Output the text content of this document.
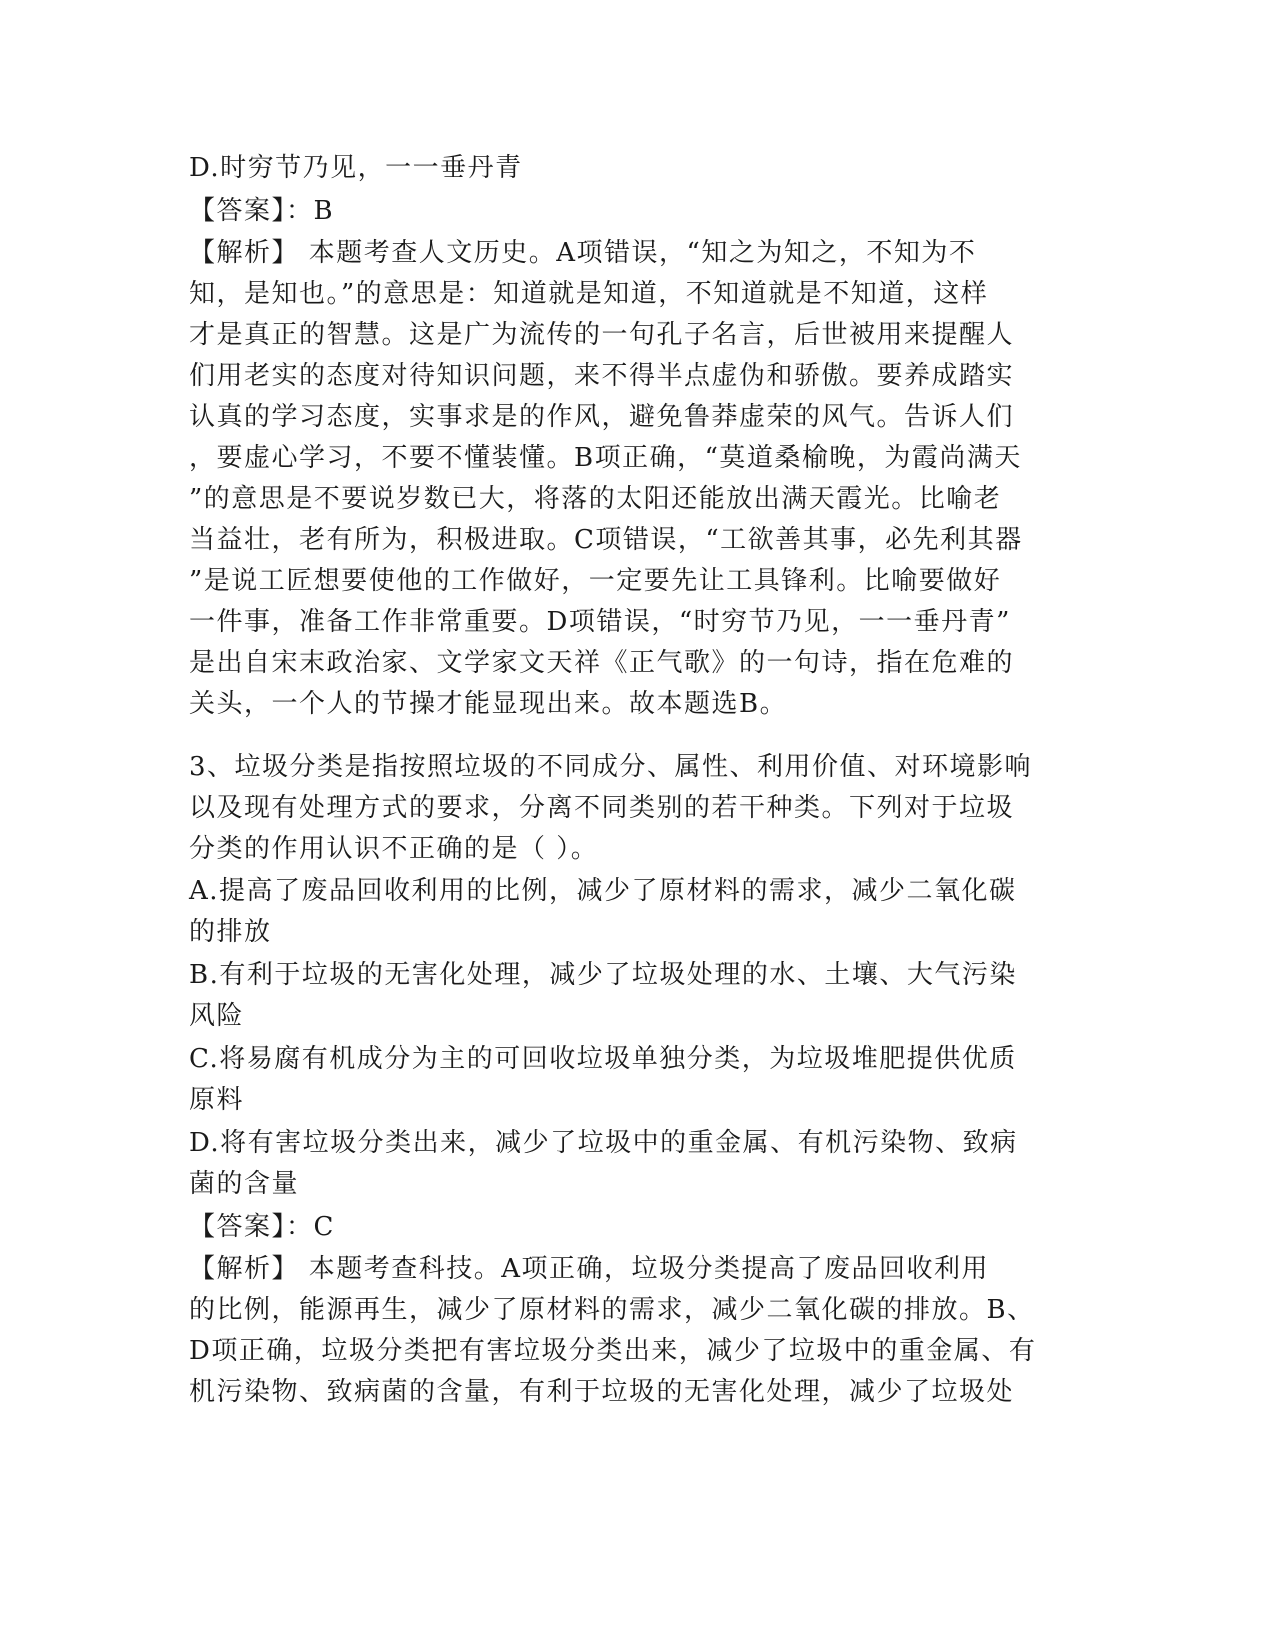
D.时穷节乃见，一一垂丹青
【答案】：B
【解析】 本题考查人文历史。A项错误，“知之为知之，不知为不
知，是知也。”的意思是：知道就是知道，不知道就是不知道，这样
才是真正的智慧。这是广为流传的一句孔子名言，后世被用来提醒人
们用老实的态度对待知识问题，来不得半点虚伪和骄傲。要养成踏实
认真的学习态度，实事求是的作风，避免鲁莽虚荣的风气。告诉人们
，要虚心学习，不要不懂装懂。B项正确，“莫道桑榆晚，为霞尚满天
”的意思是不要说岁数已大，将落的太阳还能放出满天霞光。比喻老
当益壮，老有所为，积极进取。C项错误，“工欲善其事，必先利其器
”是说工匠想要使他的工作做好，一定要先让工具锋利。比喻要做好
一件事，准备工作非常重要。D项错误，“时穷节乃见，一一垂丹青”
是出自宋末政治家、文学家文天祥《正气歌》的一句诗，指在危难的
关头，一个人的节操才能显现出来。故本题选B。
3、垃圾分类是指按照垃圾的不同成分、属性、利用价值、对环境影响
以及现有处理方式的要求，分离不同类别的若干种类。下列对于垃圾
分类的作用认识不正确的是（ ）。
A.提高了废品回收利用的比例，减少了原材料的需求，减少二氧化碳
的排放
B.有利于垃圾的无害化处理，减少了垃圾处理的水、土壤、大气污染
风险
C.将易腐有机成分为主的可回收垃圾单独分类，为垃圾堆肥提供优质
原料
D.将有害垃圾分类出来，减少了垃圾中的重金属、有机污染物、致病
菌的含量
【答案】：C
【解析】 本题考查科技。A项正确，垃圾分类提高了废品回收利用
的比例，能源再生，减少了原材料的需求，减少二氧化碳的排放。B、
D项正确，垃圾分类把有害垃圾分类出来，减少了垃圾中的重金属、有
机污染物、致病菌的含量，有利于垃圾的无害化处理，减少了垃圾处
